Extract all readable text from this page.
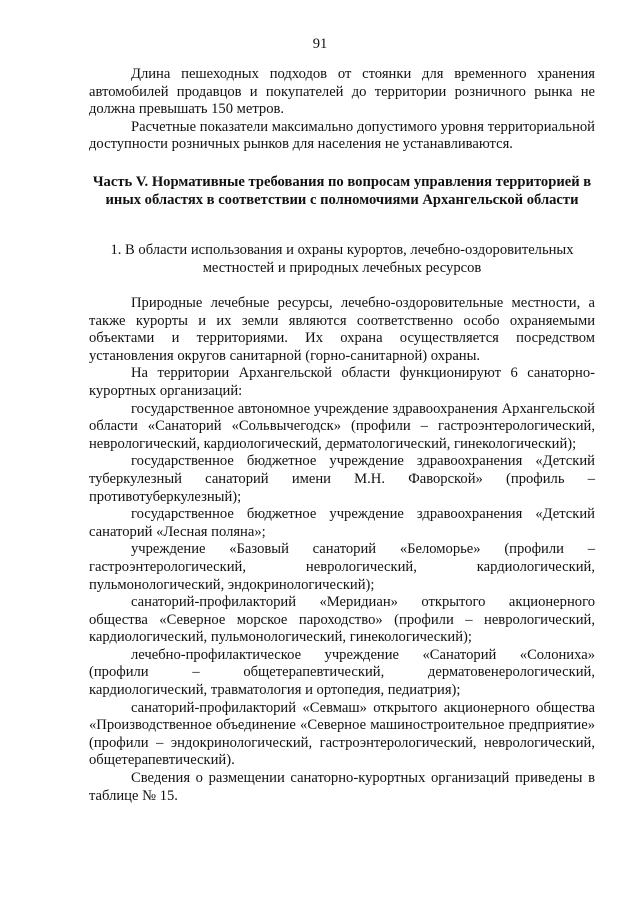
91

Длина пешеходных подходов от стоянки для временного хранения автомобилей продавцов и покупателей до территории розничного рынка не должна превышать 150 метров.

Расчетные показатели максимально допустимого уровня территориальной доступности розничных рынков для населения не устанавливаются.

Часть V. Нормативные требования по вопросам управления территорией в иных областях в соответствии с полномочиями Архангельской области
1. В области использования и охраны курортов, лечебно-оздоровительных местностей и природных лечебных ресурсов

Природные лечебные ресурсы, лечебно-оздоровительные местности, а также курорты и их земли являются соответственно особо охраняемыми объектами и территориями. Их охрана осуществляется посредством установления округов санитарной (горно-санитарной) охраны.

На территории Архангельской области функционируют 6 санаторно-курортных организаций:

государственное автономное учреждение здравоохранения Архангельской области «Санаторий «Сольвычегодск» (профили – гастроэнтерологический, неврологический, кардиологический, дерматологический, гинекологический);

государственное бюджетное учреждение здравоохранения «Детский туберкулезный санаторий имени М.Н. Фаворской» (профиль – противотуберкулезный);

государственное бюджетное учреждение здравоохранения «Детский санаторий «Лесная поляна»;

учреждение «Базовый санаторий «Беломорье» (профили – гастроэнтерологический, неврологический, кардиологический, пульмонологический, эндокринологический);

санаторий-профилакторий «Меридиан» открытого акционерного общества «Северное морское пароходство» (профили – неврологический, кардиологический, пульмонологический, гинекологический);

лечебно-профилактическое учреждение «Санаторий «Солониха» (профили – общетерапевтический, дерматовенерологический, кардиологический, травматология и ортопедия, педиатрия);

санаторий-профилакторий «Севмаш» открытого акционерного общества «Производственное объединение «Северное машиностроительное предприятие» (профили – эндокринологический, гастроэнтерологический, неврологический, общетерапевтический).

Сведения о размещении санаторно-курортных организаций приведены в таблице № 15.
